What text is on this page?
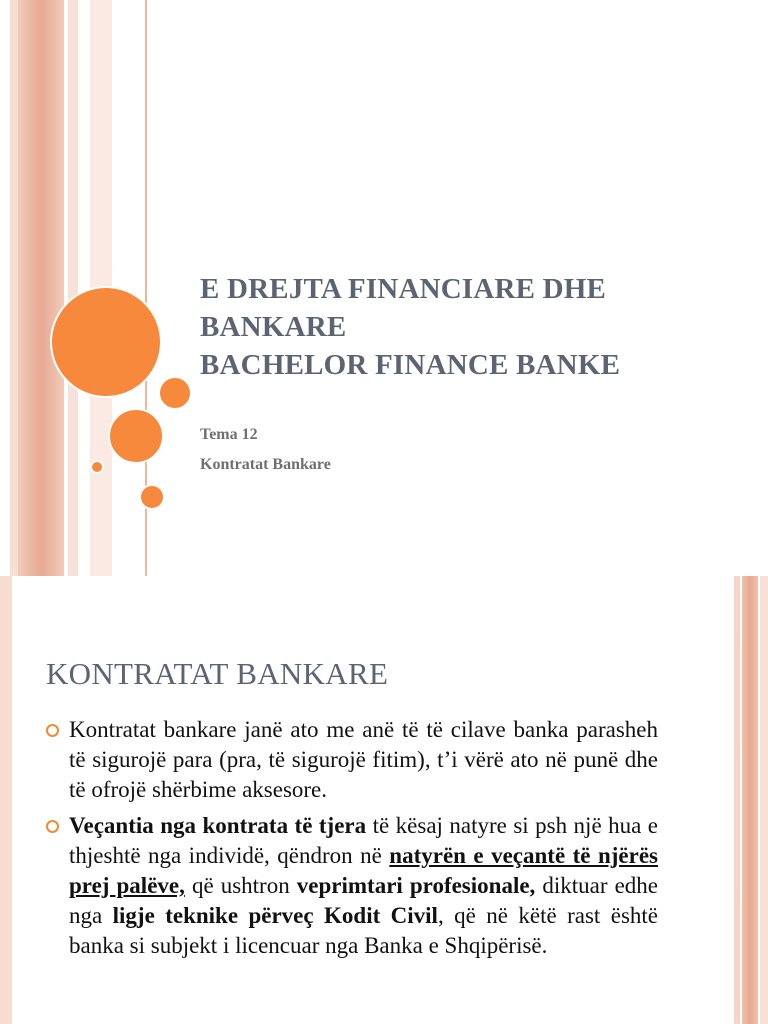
E DREJTA FINANCIARE DHE
BANKARE
BACHELOR FINANCE BANKE
Tema 12
Kontratat Bankare
KONTRATAT BANKARE
Kontratat bankare janë ato me anë të të cilave banka parasheh të sigurojë para (pra, të sigurojë fitim), t’i vërë ato në punë dhe të ofrojë shërbime aksesore.
Veçantia nga kontrata të tjera të kësaj natyre si psh një hua e thjeshtë nga individë, qëndron në natyrën e veçantë të njërës prej palëve, që ushtron veprimtari profesionale, diktuar edhe nga ligje teknike përveç Kodit Civil, që në këtë rast është banka si subjekt i licencuar nga Banka e Shqipërisë.
